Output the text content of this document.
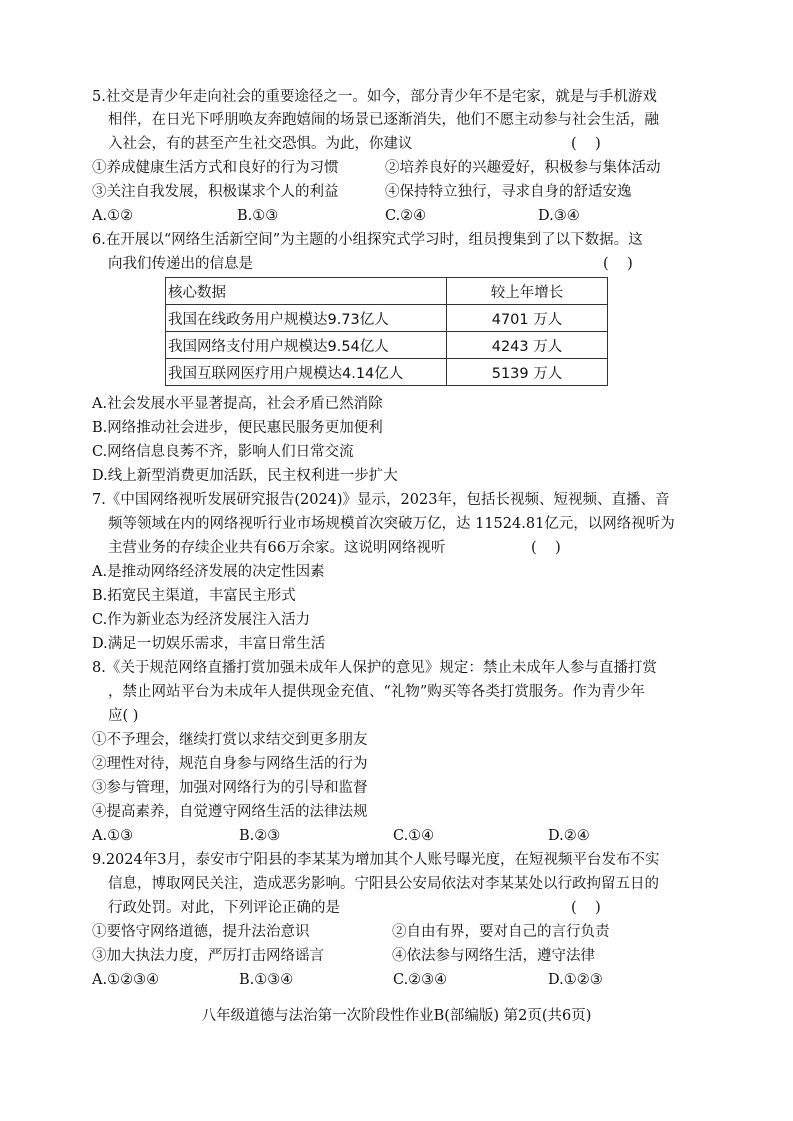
5.社交是青少年走向社会的重要途径之一。如今，部分青少年不是宅家，就是与手机游戏
相伴，在日光下呼朋唤友奔跑嬉闹的场景已逐渐消失，他们不愿主动参与社会生活，融
入社会，有的甚至产生社交恐惧。为此，你建议	(    )
①养成健康生活方式和良好的行为习惯	②培养良好的兴趣爱好，积极参与集体活动
③关注自我发展，积极谋求个人的利益	④保持特立独行，寻求自身的舒适安逸
A.①②	B.①③	C.②④	D.③④
6.在开展以“网络生活新空间”为主题的小组探究式学习时，组员搜集到了以下数据。这
向我们传递出的信息是	(    )
核心数据	较上年增长
我国在线政务用户规模达9.73亿人	4701 万人
我国网络支付用户规模达9.54亿人	4243 万人
我国互联网医疗用户规模达4.14亿人	5139 万人
A.社会发展水平显著提高，社会矛盾已然消除
B.网络推动社会进步，便民惠民服务更加便利
C.网络信息良莠不齐，影响人们日常交流
D.线上新型消费更加活跃，民主权利进一步扩大
7.《中国网络视听发展研究报告(2024)》显示，2023年，包括长视频、短视频、直播、音
频等领域在内的网络视听行业市场规模首次突破万亿，达 11524.81亿元，以网络视听为
主营业务的存续企业共有66万余家。这说明网络视听	(    )
A.是推动网络经济发展的决定性因素
B.拓宽民主渠道，丰富民主形式
C.作为新业态为经济发展注入活力
D.满足一切娱乐需求，丰富日常生活
8.《关于规范网络直播打赏加强未成年人保护的意见》规定：禁止未成年人参与直播打赏
，禁止网站平台为未成年人提供现金充值、“礼物”购买等各类打赏服务。作为青少年
应( )
①不予理会，继续打赏以求结交到更多朋友
②理性对待，规范自身参与网络生活的行为
③参与管理，加强对网络行为的引导和监督
④提高素养，自觉遵守网络生活的法律法规
A.①③	B.②③	C.①④	D.②④
9.2024年3月，泰安市宁阳县的李某某为增加其个人账号曝光度，在短视频平台发布不实
信息，博取网民关注，造成恶劣影响。宁阳县公安局依法对李某某处以行政拘留五日的
行政处罚。对此，下列评论正确的是	(    )
①要恪守网络道德，提升法治意识	②自由有界，要对自己的言行负责
③加大执法力度，严厉打击网络谣言	④依法参与网络生活，遵守法律
A.①②③④	B.①③④	C.②③④	D.①②③
八年级道德与法治第一次阶段性作业B(部编版) 第2页(共6页)
